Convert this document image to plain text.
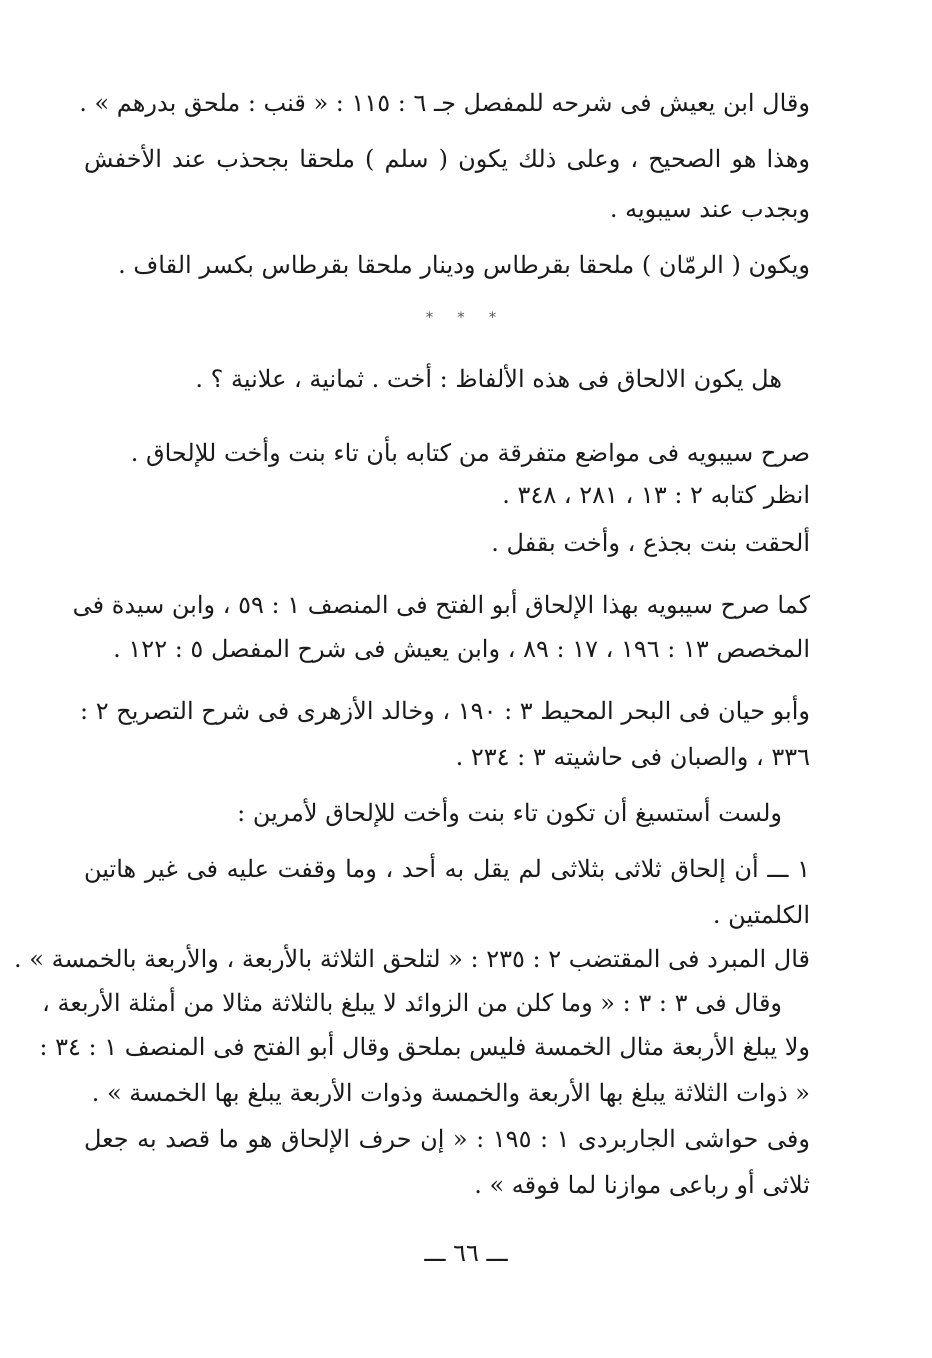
وقال ابن يعيش فى شرحه للمفصل جـ ٦ : ١١٥ : « قنب : ملحق بدرهم » .
وهذا هو الصحيح ، وعلى ذلك يكون ( سلم ) ملحقا بجحذب عند الأخفش
وبجدب عند سيبويه .
ويكون ( الرمّان ) ملحقا بقرطاس ودينار ملحقا بقرطاس بكسر القاف .
* * *
هل يكون الالحاق فى هذه الألفاظ : أخت . ثمانية ، علانية ؟ .
صرح سيبويه فى مواضع متفرقة من كتابه بأن تاء بنت وأخت للإلحاق .
انظر كتابه ٢ : ١٣ ، ٢٨١ ، ٣٤٨ .
ألحقت بنت بجذع ، وأخت بقفل .
كما صرح سيبويه بهذا الإلحاق أبو الفتح فى المنصف ١ : ٥٩ ، وابن سيدة فى
المخصص ١٣ : ١٩٦ ، ١٧ : ٨٩ ، وابن يعيش فى شرح المفصل ٥ : ١٢٢ .
وأبو حيان فى البحر المحيط ٣ : ١٩٠ ، وخالد الأزهرى فى شرح التصريح ٢ :
٣٣٦ ، والصبان فى حاشيته ٣ : ٢٣٤ .
ولست أستسيغ أن تكون تاء بنت وأخت للإلحاق لأمرين :
١ ـــ أن إلحاق ثلاثى بثلاثى لم يقل به أحد ، وما وقفت عليه فى غير هاتين
الكلمتين .
قال المبرد فى المقتضب ٢ : ٢٣٥ : « لتلحق الثلاثة بالأربعة ، والأربعة بالخمسة » .
وقال فى ٣ : ٣ : « وما كلن من الزوائد لا يبلغ بالثلاثة مثالا من أمثلة الأربعة ،
ولا يبلغ الأربعة مثال الخمسة فليس بملحق وقال أبو الفتح فى المنصف ١ : ٣٤ :
« ذوات الثلاثة يبلغ بها الأربعة والخمسة وذوات الأربعة يبلغ بها الخمسة » .
وفى حواشى الجاربردى ١ : ١٩٥ : « إن حرف الإلحاق هو ما قصد به جعل
ثلاثى أو رباعى موازنا لما فوقه » .
ـــ ٦٦ ـــ
